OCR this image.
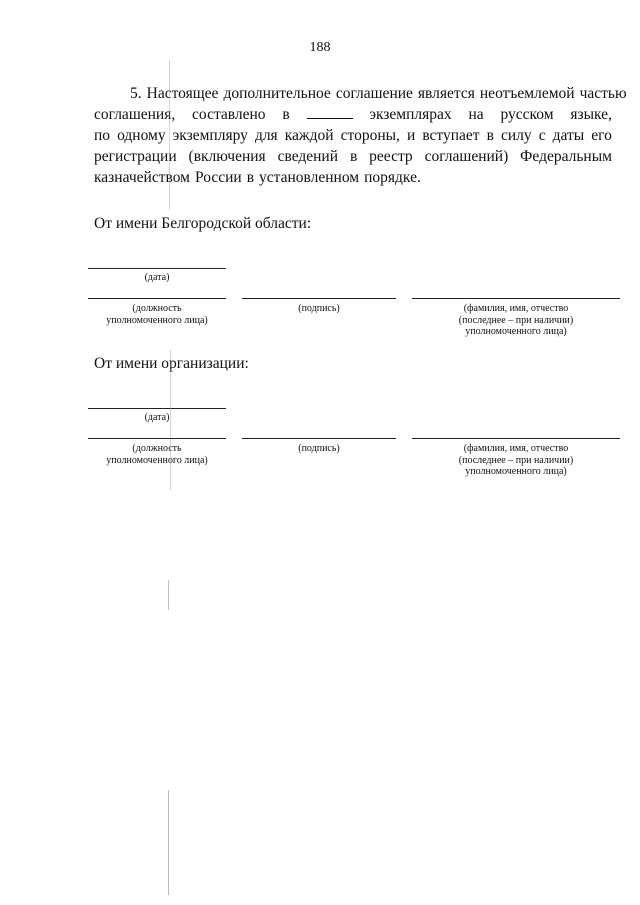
188
5. Настоящее дополнительное соглашение является неотъемлемой частью
соглашения, составлено в	экземплярах на русском языке,
по одному экземпляру для каждой стороны, и вступает в силу с даты его
регистрации (включения сведений в реестр соглашений) Федеральным
казначейством России в установленном порядке.
От имени Белгородской области:
(дата)
(должность
уполномоченного лица)
(подпись)	(фамилия, имя, отчество
(последнее – при наличии)
уполномоченного лица)
От имени организации:
(дата)
(должность
уполномоченного лица)
(подпись)	(фамилия, имя, отчество
(последнее – при наличии)
уполномоченного лица)
